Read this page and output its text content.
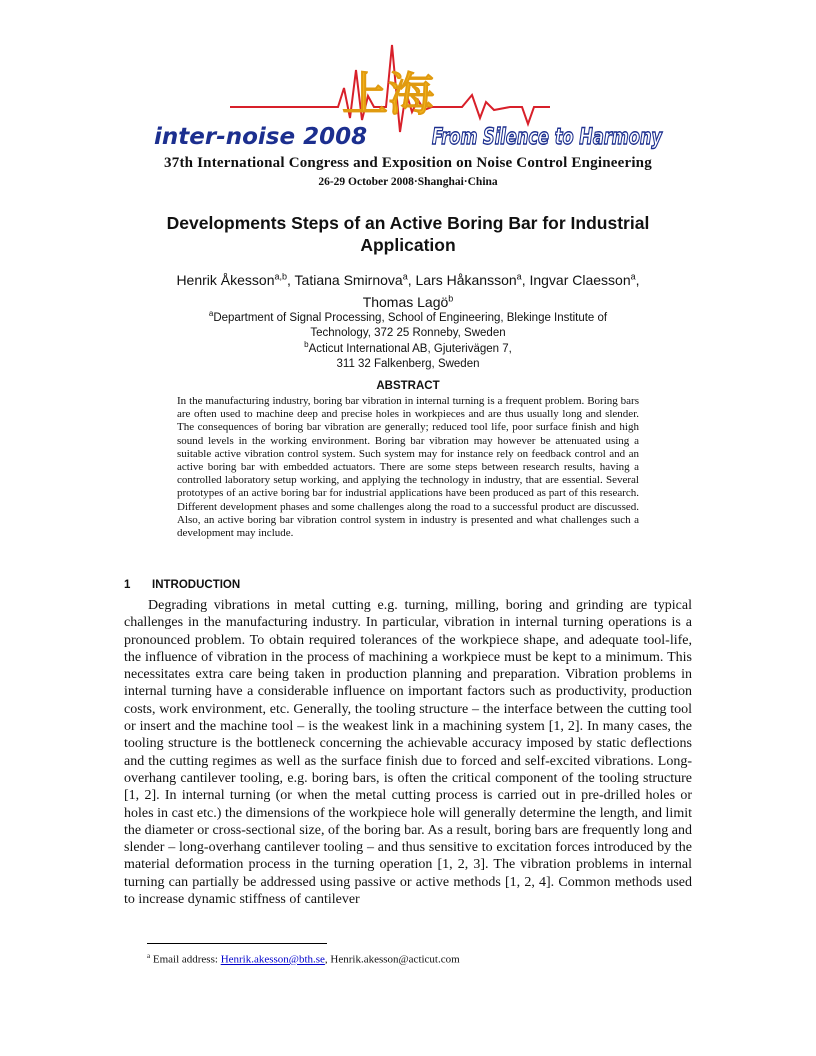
上海
inter-noise 2008	From Silence to Harmony
37th International Congress and Exposition on Noise Control Engineering
26-29 October 2008·Shanghai·China
Developments Steps of an Active Boring Bar for Industrial Application
Henrik Åkesson$^{a,b}$, Tatiana Smirnova$^a$, Lars Håkansson$^a$, Ingvar Claesson$^a$, Thomas Lagö$^b$
$^a$Department of Signal Processing, School of Engineering, Blekinge Institute of
Technology, 372 25 Ronneby, Sweden
$^b$Acticut International AB, Gjuterivägen 7,
311 32 Falkenberg, Sweden
ABSTRACT
In the manufacturing industry, boring bar vibration in internal turning is a frequent problem. Boring bars are often used to machine deep and precise holes in workpieces and are thus usually long and slender. The consequences of boring bar vibration are generally; reduced tool life, poor surface finish and high sound levels in the working environment. Boring bar vibration may however be attenuated using a suitable active vibration control system. Such system may for instance rely on feedback control and an active boring bar with embedded actuators. There are some steps between research results, having a controlled laboratory setup working, and applying the technology in industry, that are essential. Several prototypes of an active boring bar for industrial applications have been produced as part of this research. Different development phases and some challenges along the road to a successful product are discussed. Also, an active boring bar vibration control system in industry is presented and what challenges such a development may include.
1 INTRODUCTION
Degrading vibrations in metal cutting e.g. turning, milling, boring and grinding are typical challenges in the manufacturing industry. In particular, vibration in internal turning operations is a pronounced problem. To obtain required tolerances of the workpiece shape, and adequate tool-life, the influence of vibration in the process of machining a workpiece must be kept to a minimum. This necessitates extra care being taken in production planning and preparation. Vibration problems in internal turning have a considerable influence on important factors such as productivity, production costs, work environment, etc. Generally, the tooling structure – the interface between the cutting tool or insert and the machine tool – is the weakest link in a machining system [1, 2]. In many cases, the tooling structure is the bottleneck concerning the achievable accuracy imposed by static deflections and the cutting regimes as well as the surface finish due to forced and self-excited vibrations. Long-overhang cantilever tooling, e.g. boring bars, is often the critical component of the tooling structure [1, 2]. In internal turning (or when the metal cutting process is carried out in pre-drilled holes or holes in cast etc.) the dimensions of the workpiece hole will generally determine the length, and limit the diameter or cross-sectional size, of the boring bar. As a result, boring bars are frequently long and slender – long-overhang cantilever tooling – and thus sensitive to excitation forces introduced by the material deformation process in the turning operation [1, 2, 3]. The vibration problems in internal turning can partially be addressed using passive or active methods [1, 2, 4]. Common methods used to increase dynamic stiffness of cantilever
$^a$ Email address: Henrik.akesson@bth.se, Henrik.akesson@acticut.com
